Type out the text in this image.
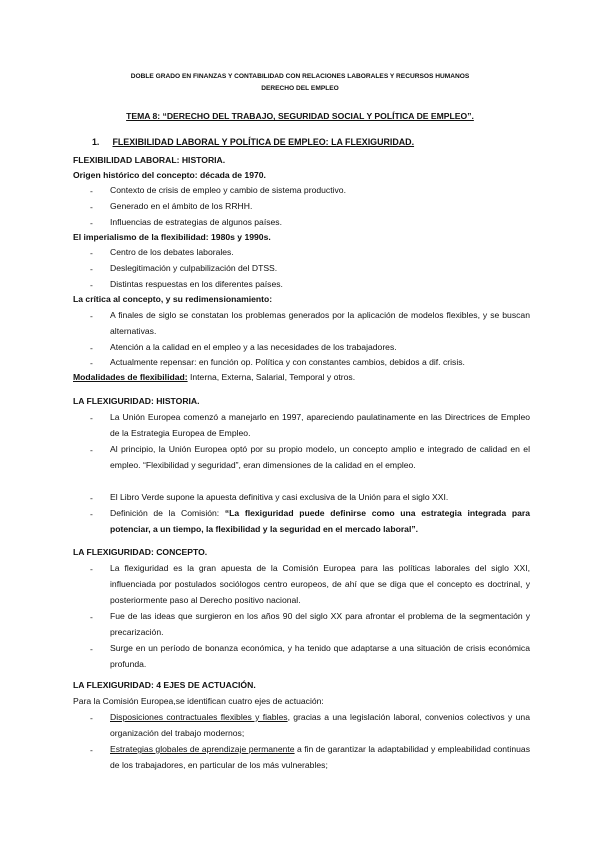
DOBLE GRADO EN FINANZAS Y CONTABILIDAD CON RELACIONES LABORALES Y RECURSOS HUMANOS
DERECHO DEL EMPLEO
TEMA 8: “DERECHO DEL TRABAJO, SEGURIDAD SOCIAL Y POLÍTICA DE EMPLEO”.
1. FLEXIBILIDAD LABORAL Y POLÍTICA DE EMPLEO: LA FLEXIGURIDAD.
FLEXIBILIDAD LABORAL: HISTORIA.
Origen histórico del concepto: década de 1970.
- Contexto de crisis de empleo y cambio de sistema productivo.
- Generado en el ámbito de los RRHH.
- Influencias de estrategias de algunos países.
El imperialismo de la flexibilidad: 1980s y 1990s.
- Centro de los debates laborales.
- Deslegitimación y culpabilización del DTSS.
- Distintas respuestas en los diferentes países.
La crítica al concepto, y su redimensionamiento:
- A finales de siglo se constatan los problemas generados por la aplicación de modelos flexibles, y se buscan alternativas.
- Atención a la calidad en el empleo y a las necesidades de los trabajadores.
- Actualmente repensar: en función op. Política y con constantes cambios, debidos a dif. crisis.
Modalidades de flexibilidad: Interna, Externa, Salarial, Temporal y otros.
LA FLEXIGURIDAD: HISTORIA.
- La Unión Europea comenzó a manejarlo en 1997, apareciendo paulatinamente en las Directrices de Empleo de la Estrategia Europea de Empleo.
- Al principio, la Unión Europea optó por su propio modelo, un concepto amplio e integrado de calidad en el empleo. “Flexibilidad y seguridad”, eran dimensiones de la calidad en el empleo.
- El Libro Verde supone la apuesta definitiva y casi exclusiva de la Unión para el siglo XXI.
- Definición de la Comisión: “La flexiguridad puede definirse como una estrategia integrada para potenciar, a un tiempo, la flexibilidad y la seguridad en el mercado laboral”.
LA FLEXIGURIDAD: CONCEPTO.
- La flexiguridad es la gran apuesta de la Comisión Europea para las políticas laborales del siglo XXI, influenciada por postulados sociólogos centro europeos, de ahí que se diga que el concepto es doctrinal, y posteriormente paso al Derecho positivo nacional.
- Fue de las ideas que surgieron en los años 90 del siglo XX para afrontar el problema de la segmentación y precarización.
- Surge en un período de bonanza económica, y ha tenido que adaptarse a una situación de crisis económica profunda.
LA FLEXIGURIDAD: 4 EJES DE ACTUACIÓN.
Para la Comisión Europea,se identifican cuatro ejes de actuación:
- Disposiciones contractuales flexibles y fiables, gracias a una legislación laboral, convenios colectivos y una organización del trabajo modernos;
- Estrategias globales de aprendizaje permanente a fin de garantizar la adaptabilidad y empleabilidad continuas de los trabajadores, en particular de los más vulnerables;
